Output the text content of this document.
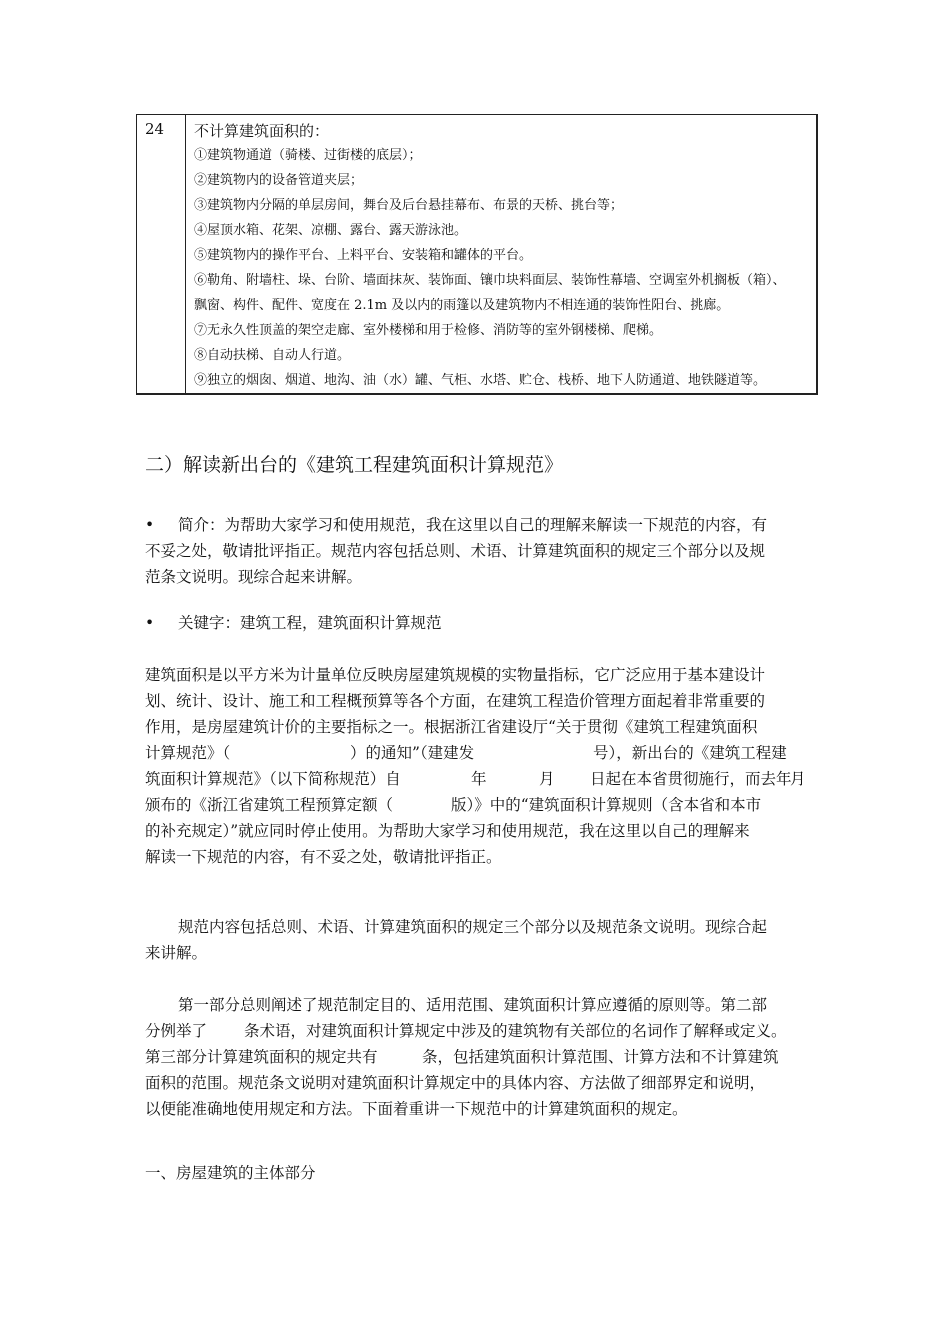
24	不计算建筑面积的：
①建筑物通道（骑楼、过街楼的底层）；
②建筑物内的设备管道夹层；
③建筑物内分隔的单层房间，舞台及后台悬挂幕布、布景的天桥、挑台等；
④屋顶水箱、花架、凉棚、露台、露天游泳池。
⑤建筑物内的操作平台、上料平台、安装箱和罐体的平台。
⑥勒角、附墙柱、垛、台阶、墙面抹灰、装饰面、镶巾块料面层、装饰性幕墙、空调室外机搁板（箱）、
飘窗、构件、配件、宽度在 2.1m 及以内的雨篷以及建筑物内不相连通的装饰性阳台、挑廊。
⑦无永久性顶盖的架空走廊、室外楼梯和用于检修、消防等的室外钢楼梯、爬梯。
⑧自动扶梯、自动人行道。
⑨独立的烟囱、烟道、地沟、油（水）罐、气柜、水塔、贮仓、栈桥、地下人防通道、地铁隧道等。
二）解读新出台的《建筑工程建筑面积计算规范》
• 简介：为帮助大家学习和使用规范，我在这里以自己的理解来解读一下规范的内容，有
不妥之处，敬请批评指正。规范内容包括总则、术语、计算建筑面积的规定三个部分以及规
范条文说明。现综合起来讲解。
• 关键字：建筑工程，建筑面积计算规范
建筑面积是以平方米为计量单位反映房屋建筑规模的实物量指标，它广泛应用于基本建设计
划、统计、设计、施工和工程概预算等各个方面，在建筑工程造价管理方面起着非常重要的
作用，是房屋建筑计价的主要指标之一。根据浙江省建设厅“关于贯彻《建筑工程建筑面积
计算规范》（	）的通知”（建建发	号），新出台的《建筑工程建
筑面积计算规范》（以下简称规范）自	年	月 日起在本省贯彻施行，而去年
月
颁布的《浙江省建筑工程预算定额（	版）》中的“建筑面积计算规则（含本省和本市
的补充规定）”就应同时停止使用。为帮助大家学习和使用规范，我在这里以自己的理解来
解读一下规范的内容，有不妥之处，敬请批评指正。
规范内容包括总则、术语、计算建筑面积的规定三个部分以及规范条文说明。现综合起
来讲解。
第一部分总则阐述了规范制定目的、适用范围、建筑面积计算应遵循的原则等。第二部
分例举了 条术语，对建筑面积计算规定中涉及的建筑物有关部位的名词作了解释或定义。
第三部分计算建筑面积的规定共有	条，包括建筑面积计算范围、计算方法和不计算建筑
面积的范围。规范条文说明对建筑面积计算规定中的具体内容、方法做了细部界定和说明，
以便能准确地使用规定和方法。下面着重讲一下规范中的计算建筑面积的规定。
一、房屋建筑的主体部分
